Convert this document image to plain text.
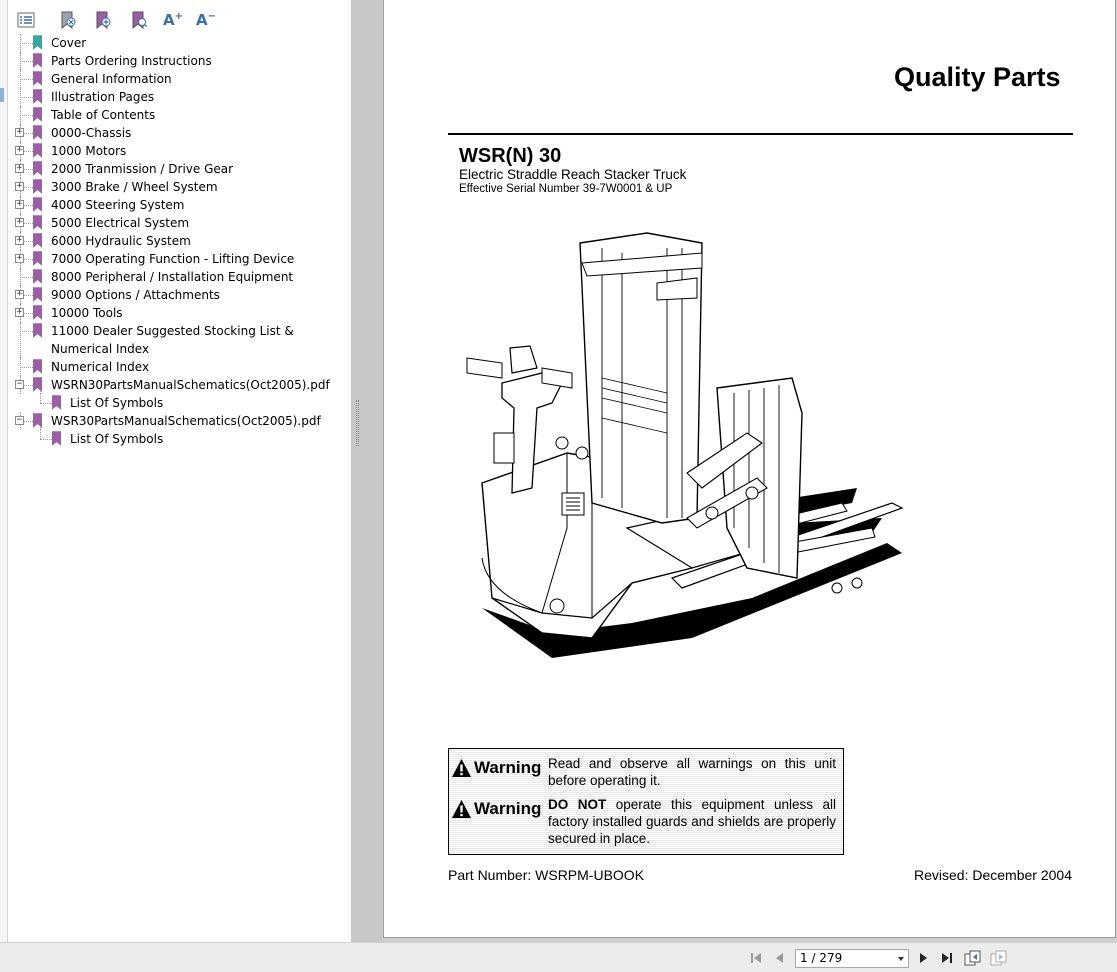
A+ A−
Cover
Parts Ordering Instructions
General Information
Illustration Pages
Table of Contents
+ 0000-Chassis
+ 1000 Motors
+ 2000 Tranmission / Drive Gear
+ 3000 Brake / Wheel System
+ 4000 Steering System
+ 5000 Electrical System
+ 6000 Hydraulic System
+ 7000 Operating Function - Lifting Device
8000 Peripheral / Installation Equipment
+ 9000 Options / Attachments
+ 10000 Tools
11000 Dealer Suggested Stocking List & Numerical Index
Numerical Index
− WSRN30PartsManualSchematics(Oct2005).pdf
List Of Symbols
− WSR30PartsManualSchematics(Oct2005).pdf
List Of Symbols
Quality Parts
WSR(N) 30
Electric Straddle Reach Stacker Truck
Effective Serial Number 39-7W0001 & UP
Warning Read and observe all warnings on this unit before operating it.
Warning DO NOT operate this equipment unless all factory installed guards and shields are properly secured in place.
Part Number: WSRPM-UBOOK	Revised: December 2004
1 / 279
